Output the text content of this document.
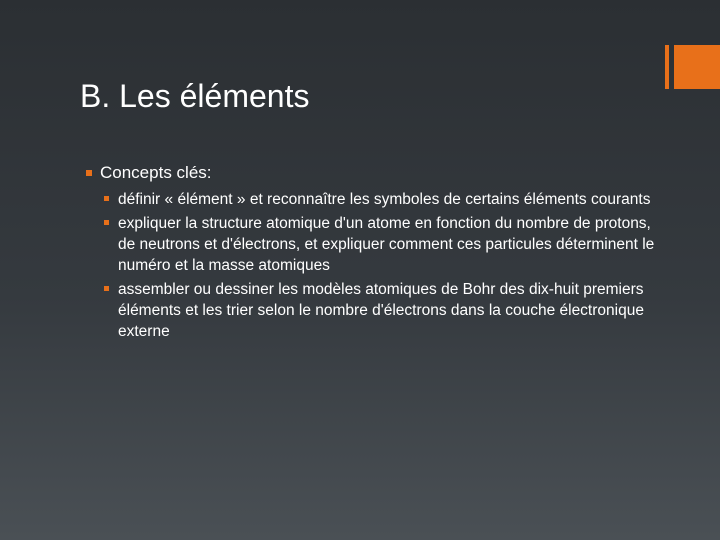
B. Les éléments
Concepts clés:
définir « élément » et reconnaître les symboles de certains éléments courants
expliquer la structure atomique d'un atome en fonction du nombre de protons, de neutrons et d'électrons, et expliquer comment ces particules déterminent le numéro et la masse atomiques
assembler ou dessiner les modèles atomiques de Bohr des dix-huit premiers éléments et les trier selon le nombre d'électrons dans la couche électronique externe
